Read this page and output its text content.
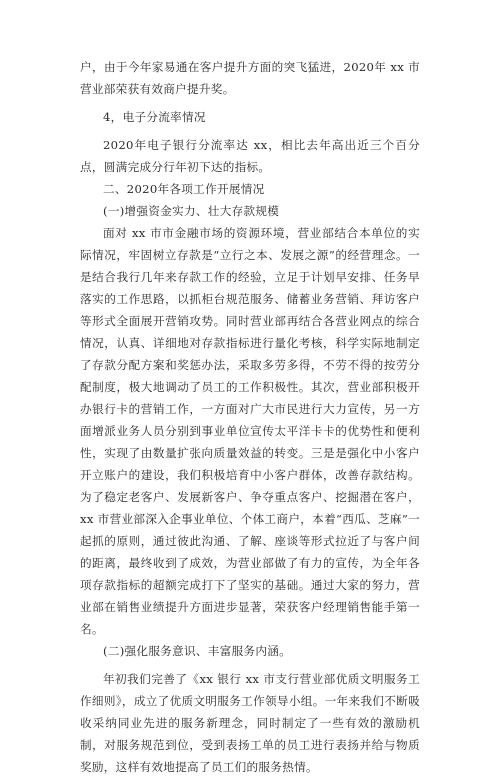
户，由于今年家易通在客户提升方面的突飞猛进，2020年 xx 市营业部荣获有效商户提升奖。

4，电子分流率情况

2020年电子银行分流率达 xx，相比去年高出近三个百分点，圆满完成分行年初下达的指标。

二、2020年各项工作开展情况

(一)增强资金实力、壮大存款规模

面对 xx 市市金融市场的资源环境，营业部结合本单位的实际情况，牢固树立存款是“立行之本、发展之源”的经营理念。一是结合我行几年来存款工作的经验，立足于计划早安排、任务早落实的工作思路，以抓柜台规范服务、储蓄业务营销、拜访客户等形式全面展开营销攻势。同时营业部再结合各营业网点的综合情况，认真、详细地对存款指标进行量化考核，科学实际地制定了存款分配方案和奖惩办法，采取多劳多得，不劳不得的按劳分配制度，极大地调动了员工的工作积极性。其次，营业部积极开办银行卡的营销工作，一方面对广大市民进行大力宣传，另一方面增派业务人员分别到事业单位宣传太平洋卡卡的优势性和便利性，实现了由数量扩张向质量效益的转变。三是是强化中小客户开立账户的建设，我们积极培育中小客户群体，改善存款结构。为了稳定老客户、发展新客户、争夺重点客户、挖掘潜在客户，xx 市营业部深入企事业单位、个体工商户，本着“西瓜、芝麻”一起抓的原则，通过彼此沟通、了解、座谈等形式拉近了与客户间的距离，最终收到了成效，为营业部做了有力的宣传，为全年各项存款指标的超额完成打下了坚实的基础。通过大家的努力，营业部在销售业绩提升方面进步显著，荣获客户经理销售能手第一名。

(二)强化服务意识、丰富服务内涵。

年初我们完善了《xx 银行 xx 市支行营业部优质文明服务工作细则》，成立了优质文明服务工作领导小组。一年来我们不断吸收采纳同业先进的服务新理念，同时制定了一些有效的激励机制，对服务规范到位，受到表扬工单的员工进行表扬并给与物质奖励，这样有效地提高了员工们的服务热情。
